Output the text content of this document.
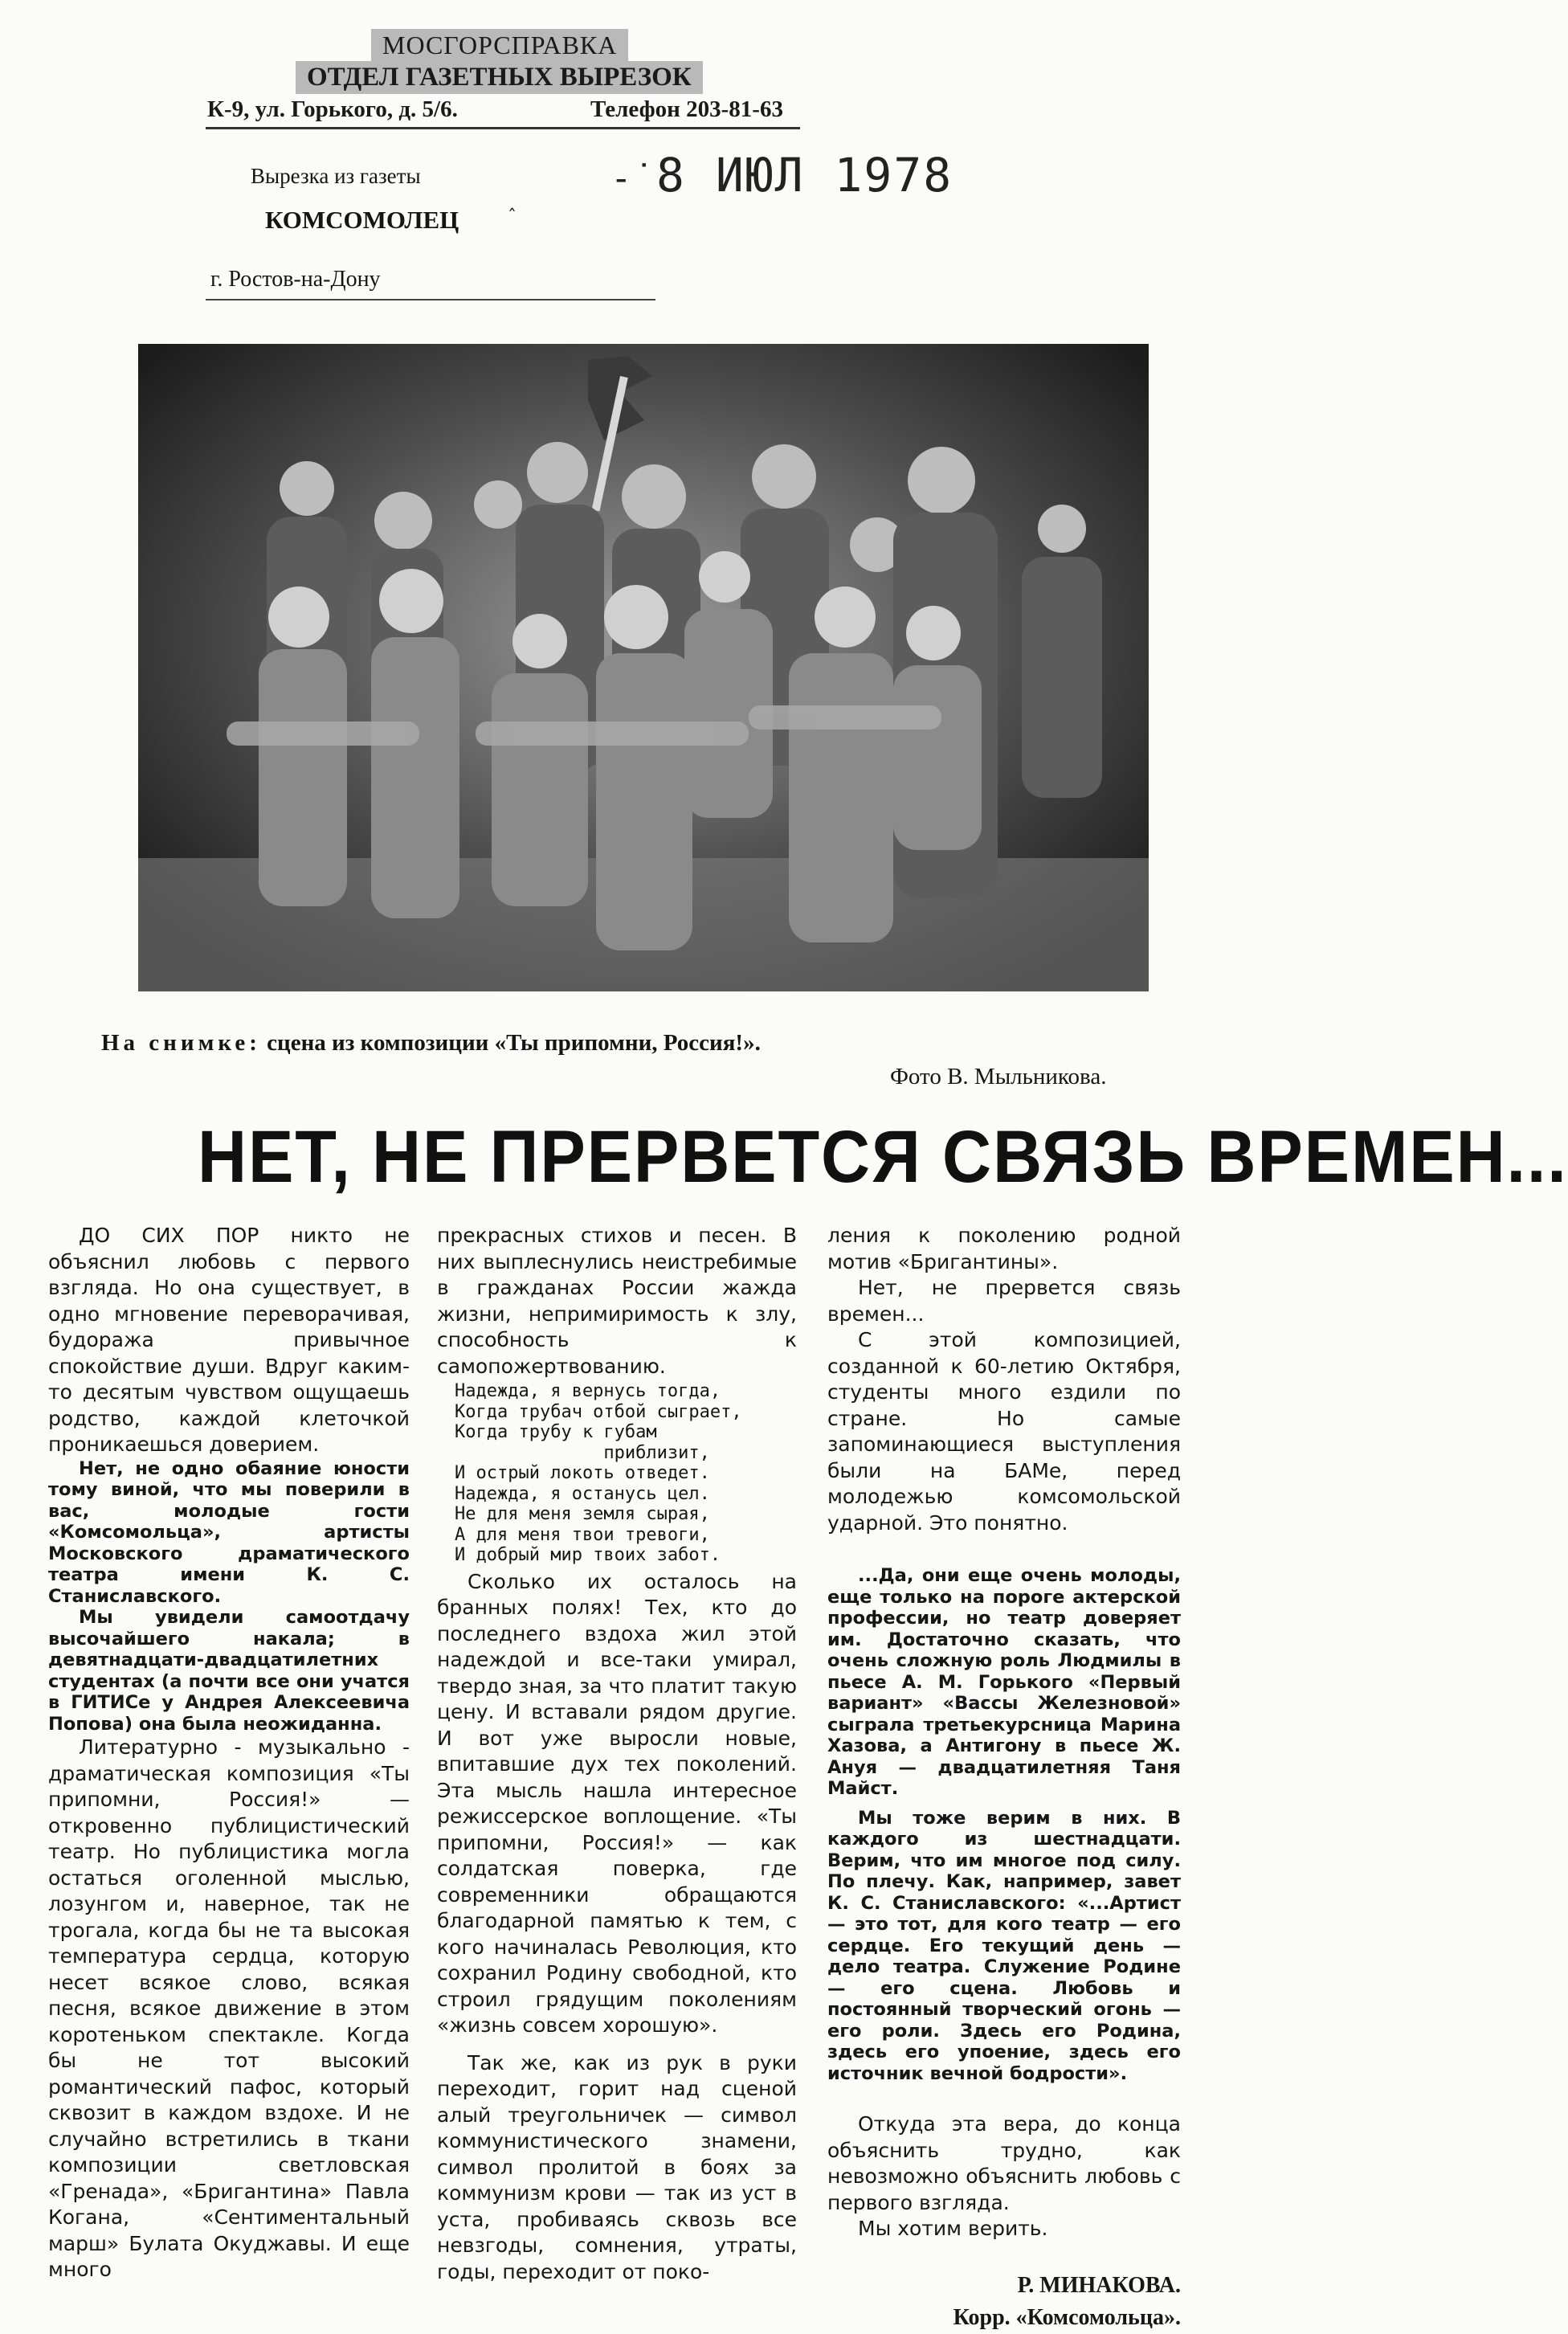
МОСГОРСПРАВКА
ОТДЕЛ ГАЗЕТНЫХ ВЫРЕЗОК
К-9, ул. Горького, д. 5/6.	Телефон 203-81-63
Вырезка из газеты
КОМСОМОЛЕЦ	ˆ
г. Ростов-на-Дону
-˙8 ИЮЛ 1978
На снимке: сцена из композиции «Ты припомни, Россия!».
Фото В. Мыльникова.
НЕТ, НЕ ПРЕРВЕТСЯ СВЯЗЬ ВРЕМЕН...

ДО СИХ ПОР никто не объяснил любовь с первого взгляда. Но она существует, в одно мгновение переворачивая, будоража привычное спокойствие души. Вдруг каким-то десятым чувством ощущаешь родство, каждой клеточкой проникаешься доверием.

Нет, не одно обаяние юности тому виной, что мы поверили в вас, молодые гости «Комсомольца», артисты Московского драматического театра имени К. С. Станиславского.

Мы увидели самоотдачу высочайшего накала; в девятнадцати-двадцатилетних студентах (а почти все они учатся в ГИТИСе у Андрея Алексеевича Попова) она была неожиданна.

Литературно - музыкально - драматическая композиция «Ты припомни, Россия!» — откровенно публицистический театр. Но публицистика могла остаться оголенной мыслью, лозунгом и, наверное, так не трогала, когда бы не та высокая температура сердца, которую несет всякое слово, всякая песня, всякое движение в этом коротеньком спектакле. Когда бы не тот высокий романтический пафос, который сквозит в каждом вздохе. И не случайно встретились в ткани композиции светловская «Гренада», «Бригантина» Павла Когана, «Сентиментальный марш» Булата Окуджавы. И еще много

прекрасных стихов и песен. В них выплеснулись неистребимые в гражданах России жажда жизни, непримиримость к злу, способность к самопожертвованию.

Надежда, я вернусь тогда,
Когда трубач отбой сыграет,
Когда трубу к губам
приблизит,
И острый локоть отведет.
Надежда, я останусь цел.
Не для меня земля сырая,
А для меня твои тревоги,
И добрый мир твоих забот.

Сколько их осталось на бранных полях! Тех, кто до последнего вздоха жил этой надеждой и все-таки умирал, твердо зная, за что платит такую цену. И вставали рядом другие. И вот уже выросли новые, впитавшие дух тех поколений. Эта мысль нашла интересное режиссерское воплощение. «Ты припомни, Россия!» — как солдатская поверка, где современники обращаются благодарной памятью к тем, с кого начиналась Революция, кто сохранил Родину свободной, кто строил грядущим поколениям «жизнь совсем хорошую».

Так же, как из рук в руки переходит, горит над сценой алый треугольничек — символ коммунистического знамени, символ пролитой в боях за коммунизм крови — так из уст в уста, пробиваясь сквозь все невзгоды, сомнения, утраты, годы, переходит от поко-

ления к поколению родной мотив «Бригантины».

Нет, не прервется связь времен...

С этой композицией, созданной к 60-летию Октября, студенты много ездили по стране. Но самые запоминающиеся выступления были на БАМе, перед молодежью комсомольской ударной. Это понятно.

...Да, они еще очень молоды, еще только на пороге актерской профессии, но театр доверяет им. Достаточно сказать, что очень сложную роль Людмилы в пьесе А. М. Горького «Первый вариант» «Вассы Железновой» сыграла третьекурсница Марина Хазова, а Антигону в пьесе Ж. Ануя — двадцатилетняя Таня Майст.

Мы тоже верим в них. В каждого из шестнадцати. Верим, что им многое под силу. По плечу. Как, например, завет К. С. Станиславского: «...Артист — это тот, для кого театр — его сердце. Его текущий день — дело театра. Служение Родине — его сцена. Любовь и постоянный творческий огонь — его роли. Здесь его Родина, здесь его упоение, здесь его источник вечной бодрости».

Откуда эта вера, до конца объяснить трудно, как невозможно объяснить любовь с первого взгляда.

Мы хотим верить.

Р. МИНАКОВА.
Корр. «Комсомольца».
